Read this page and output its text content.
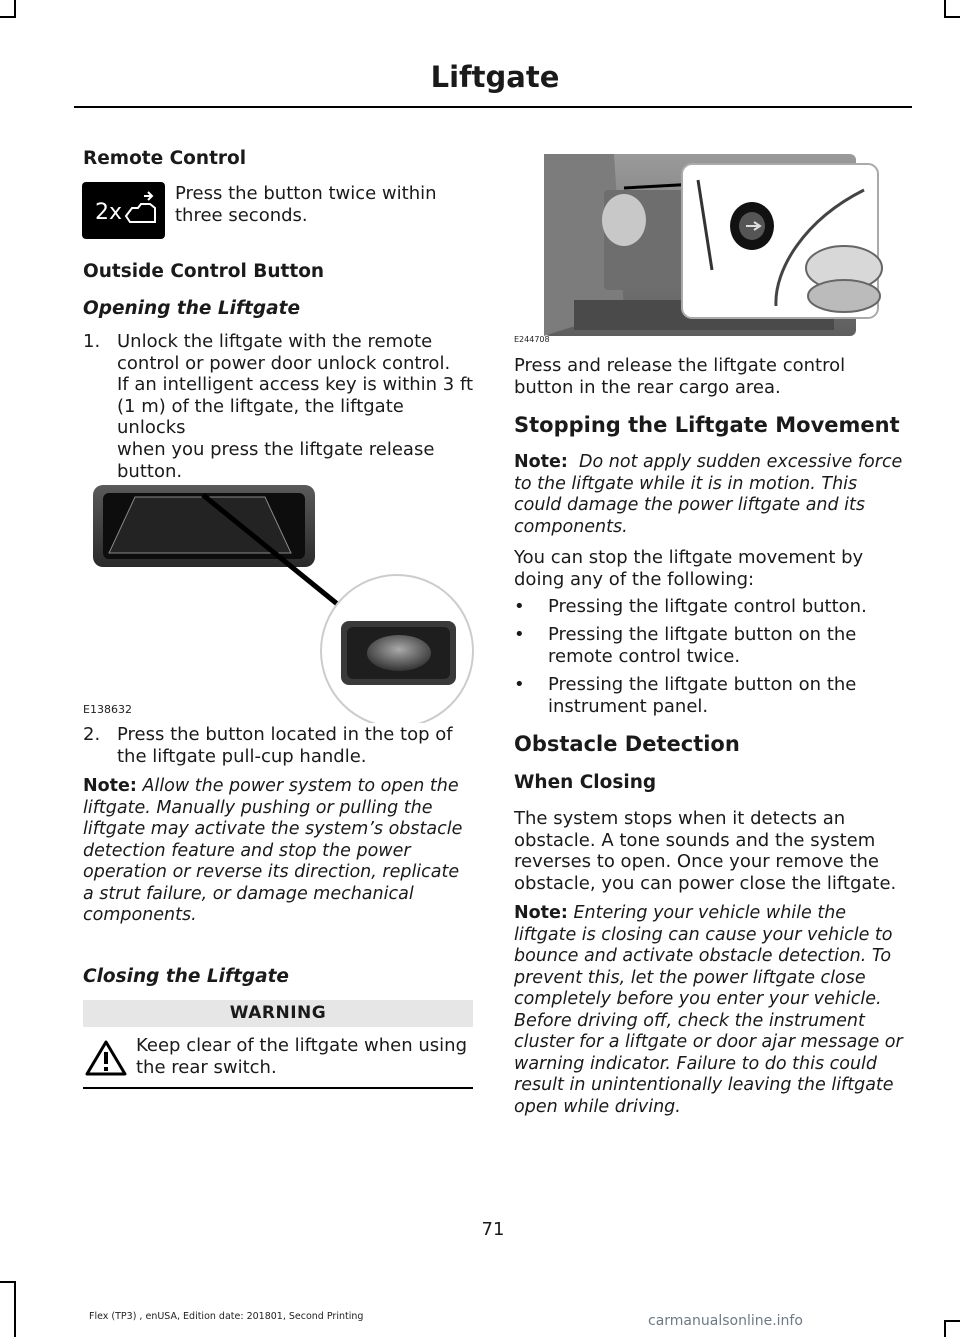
Liftgate
Remote Control
2x
Press the button twice within three seconds.
Outside Control Button
Opening the Liftgate
1. Unlock the liftgate with the remote
control or power door unlock control.
If an intelligent access key is within 3 ft
(1 m) of the liftgate, the liftgate unlocks
when you press the liftgate release
button.
E138632
2. Press the button located in the top of
the liftgate pull-cup handle.
Note: Allow the power system to open the
liftgate. Manually pushing or pulling the
liftgate may activate the system’s obstacle
detection feature and stop the power
operation or reverse its direction, replicate
a strut failure, or damage mechanical
components.
Closing the Liftgate
WARNING
Keep clear of the liftgate when using
the rear switch.
E244708
Press and release the liftgate control
button in the rear cargo area.
Stopping the Liftgate Movement
Note: Do not apply sudden excessive force
to the liftgate while it is in motion. This
could damage the power liftgate and its
components.
You can stop the liftgate movement by
doing any of the following:
• Pressing the liftgate control button.
• Pressing the liftgate button on the
remote control twice.
• Pressing the liftgate button on the
instrument panel.
Obstacle Detection
When Closing
The system stops when it detects an
obstacle. A tone sounds and the system
reverses to open. Once your remove the
obstacle, you can power close the liftgate.
Note: Entering your vehicle while the
liftgate is closing can cause your vehicle to
bounce and activate obstacle detection. To
prevent this, let the power liftgate close
completely before you enter your vehicle.
Before driving off, check the instrument
cluster for a liftgate or door ajar message or
warning indicator. Failure to do this could
result in unintentionally leaving the liftgate
open while driving.
71
Flex (TP3) , enUSA, Edition date: 201801, Second Printing	carmanualsonline.info
